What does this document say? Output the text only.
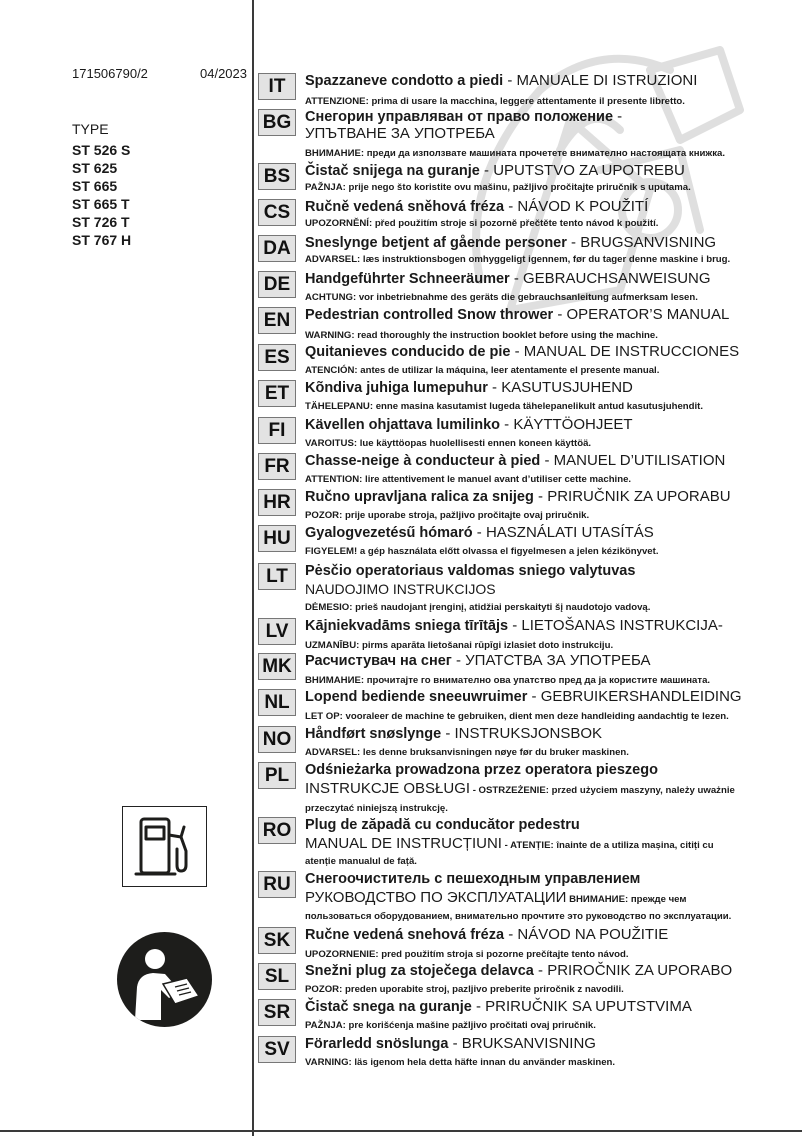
171506790/2	04/2023
TYPE
ST 526 S
ST 625
ST 665
ST 665 T
ST 726 T
ST 767 H
IT	Spazzaneve condotto a piedi - MANUALE DI ISTRUZIONI
ATTENZIONE: prima di usare la macchina, leggere attentamente il presente libretto.
BG Снегорин управляван от право положение -
УПЪТВАНЕ ЗА УПОТРЕБА
ВНИМАНИЕ: преди да използвате машината прочетете внимателно настоящата книжка.
BS	Čistač snijega na guranje - UPUTSTVO ZA UPOTREBU
PAŽNJA: prije nego što koristite ovu mašinu, pažljivo pročitajte priručnik s uputama.
CS	Ručně vedená sněhová fréza - NÁVOD K POUŽITÍ
UPOZORNĚNÍ: před použitím stroje si pozorně přečtěte tento návod k použití.
DA Sneslynge betjent af gående personer - BRUGSANVISNING
ADVARSEL: læs instruktionsbogen omhyggeligt igennem, før du tager denne maskine i brug.
DE	Handgeführter Schneeräumer - GEBRAUCHSANWEISUNG
ACHTUNG: vor inbetriebnahme des geräts die gebrauchsanleitung aufmerksam lesen.
EN	Pedestrian controlled Snow thrower - OPERATOR’S MANUAL
WARNING: read thoroughly the instruction booklet before using the machine.
ES	Quitanieves conducido de pie - MANUAL DE INSTRUCCIONES
ATENCIÓN: antes de utilizar la máquina, leer atentamente el presente manual.
ET	Kõndiva juhiga lumepuhur - KASUTUSJUHEND
TÄHELEPANU: enne masina kasutamist lugeda tähelepanelikult antud kasutusjuhendit.
FI	Kävellen ohjattava lumilinko - KÄYTTÖOHJEET
VAROITUS: lue käyttöopas huolellisesti ennen koneen käyttöä.
FR	Chasse-neige à conducteur à pied - MANUEL D’UTILISATION
ATTENTION: lire attentivement le manuel avant d’utiliser cette machine.
HR Ručno upravljana ralica za snijeg - PRIRUČNIK ZA UPORABU
POZOR: prije uporabe stroja, pažljivo pročitajte ovaj priručnik.
HU Gyalogvezetésű hómaró - HASZNÁLATI UTASÍTÁS
FIGYELEM! a gép használata előtt olvassa el figyelmesen a jelen kézikönyvet.
LT	Pėsčio operatoriaus valdomas sniego valytuvas
NAUDOJIMO INSTRUKCIJOS
DĖMESIO: prieš naudojant įrenginį, atidžiai perskaityti šį naudotojo vadovą.
LV	Kājniekvadāms sniega tīrītājs - LIETOŠANAS INSTRUKCIJA-
UZMANĪBU: pirms aparāta lietošanai rūpīgi izlasiet doto instrukciju.
MK Расчистувач на снег - УПАТСТВА ЗА УПОТРЕБА
ВНИМАНИЕ: прочитајте го внимателно ова упатство пред да ја користите машината.
NL	Lopend bediende sneeuwruimer - GEBRUIKERSHANDLEIDING
LET OP: vooraleer de machine te gebruiken, dient men deze handleiding aandachtig te lezen.
NO Håndført snøslynge - INSTRUKSJONSBOK
ADVARSEL: les denne bruksanvisningen nøye før du bruker maskinen.
PL	Odśnieżarka prowadzona przez operatora pieszego
INSTRUKCJE OBSŁUGI - OSTRZEŻENIE: przed użyciem maszyny, należy uważnie
przeczytać niniejszą instrukcję.
RO Plug de zăpadă cu conducător pedestru
MANUAL DE INSTRUCȚIUNI - ATENȚIE: înainte de a utiliza mașina, citiți cu
atenție manualul de față.
RU Снегоочиститель с пешеходным управлением
РУКОВОДСТВО ПО ЭКСПЛУАТАЦИИ ВНИМАНИЕ: прежде чем
пользоваться оборудованием, внимательно прочтите это руководство по эксплуатации.
SK	Ručne vedená snehová fréza - NÁVOD NA POUŽITIE
UPOZORNENIE: pred použitím stroja si pozorne prečítajte tento návod.
SL	Snežni plug za stoječega delavca - PRIROČNIK ZA UPORABO
POZOR: preden uporabite stroj, pazljivo preberite priročnik z navodili.
SR	Čistač snega na guranje - PRIRUČNIK SA UPUTSTVIMA
PAŽNJA: pre korišćenja mašine pažljivo pročitati ovaj priručnik.
SV	Förarledd snöslunga - BRUKSANVISNING
VARNING: läs igenom hela detta häfte innan du använder maskinen.
